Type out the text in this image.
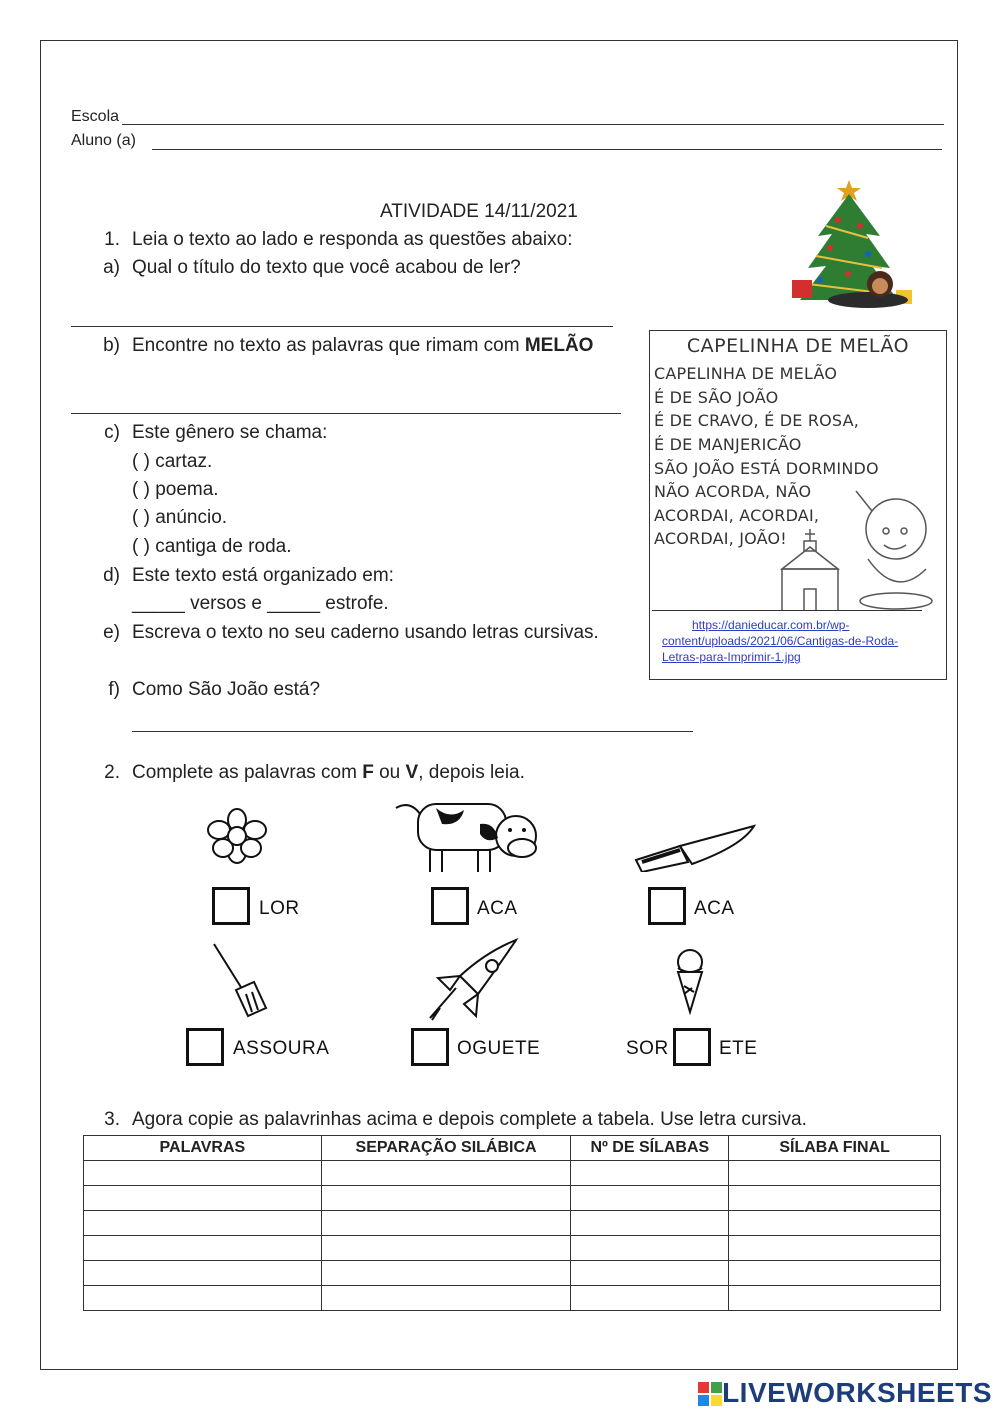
Escola
Aluno (a)
ATIVIDADE 14/11/2021
1. Leia o texto ao lado e responda as questões abaixo:
a) Qual o título do texto que você acabou de ler?
b) Encontre no texto as palavras que rimam com MELÃO
c) Este gênero se chama:
( ) cartaz.
( ) poema.
( ) anúncio.
( ) cantiga de roda.
d) Este texto está organizado em:
_____ versos e _____ estrofe.
e) Escreva o texto no seu caderno usando letras cursivas.
f) Como São João está?
CAPELINHA DE MELÃO
CAPELINHA DE MELÃO
É DE SÃO JOÃO
É DE CRAVO, É DE ROSA,
É DE MANJERICÃO
SÃO JOÃO ESTÁ DORMINDO
NÃO ACORDA, NÃO
ACORDAI, ACORDAI,
ACORDAI, JOÃO!
https://danieducar.com.br/wp-
content/uploads/2021/06/Cantigas-de-Roda-
Letras-para-Imprimir-1.jpg
2. Complete as palavras com F ou V, depois leia.
LOR	ACA	ACA
ASSOURA	OGUETE	SOR	ETE
3. Agora copie as palavrinhas acima e depois complete a tabela. Use letra cursiva.
PALAVRAS	SEPARAÇÃO SILÁBICA	Nº DE SÍLABAS	SÍLABA FINAL

LIVEWORKSHEETS
